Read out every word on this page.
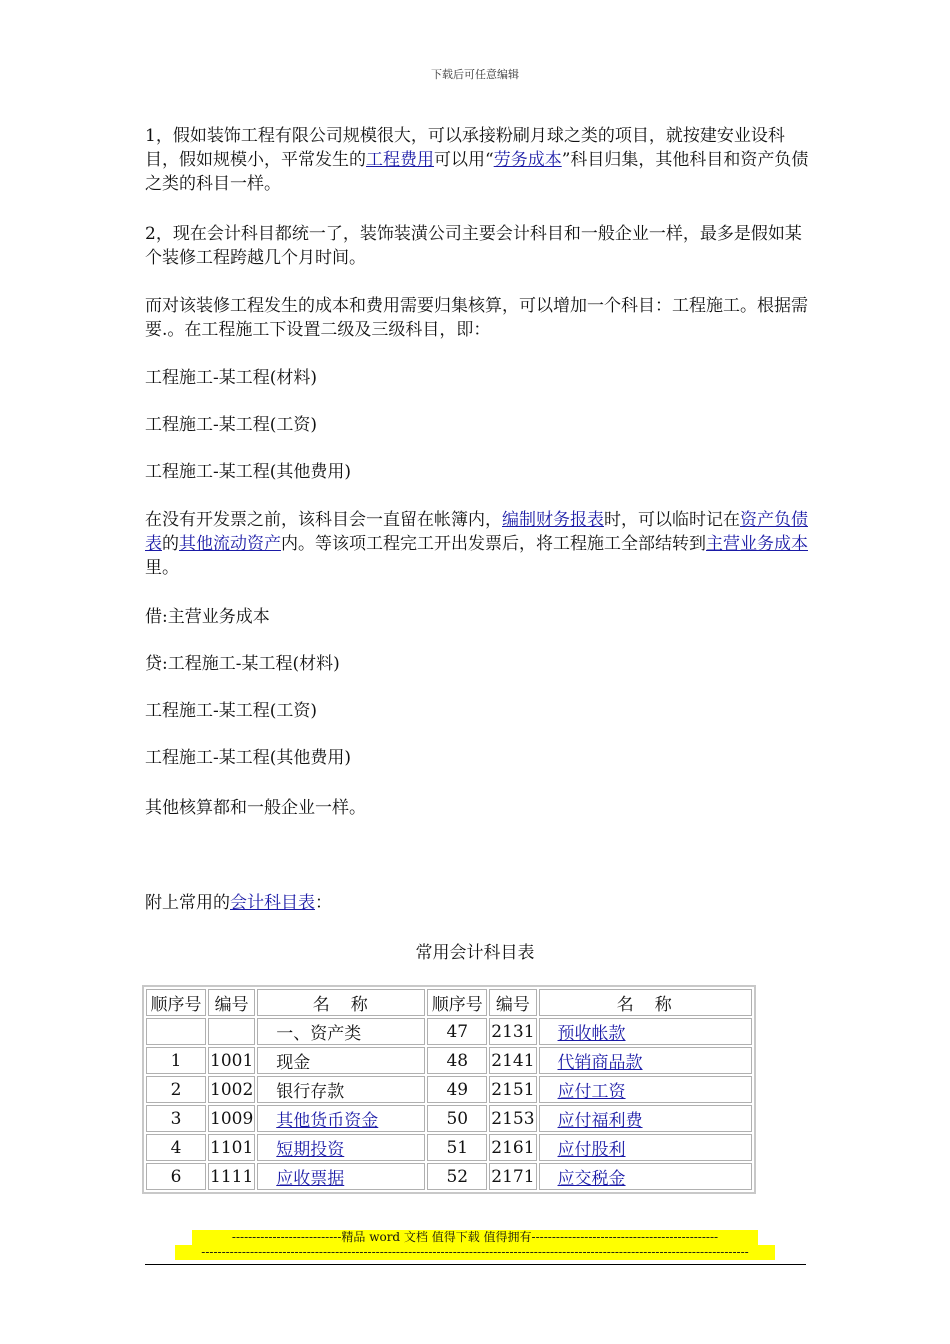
下载后可任意编辑

1，假如装饰工程有限公司规模很大，可以承接粉刷月球之类的项目，就按建安业设科目，假如规模小，平常发生的工程费用可以用“劳务成本”科目归集，其他科目和资产负债之类的科目一样。

2，现在会计科目都统一了，装饰装潢公司主要会计科目和一般企业一样，最多是假如某个装修工程跨越几个月时间。

而对该装修工程发生的成本和费用需要归集核算，可以增加一个科目：工程施工。根据需要.。在工程施工下设置二级及三级科目，即：

工程施工-某工程(材料)

工程施工-某工程(工资)

工程施工-某工程(其他费用)

在没有开发票之前，该科目会一直留在帐簿内，编制财务报表时，可以临时记在资产负债表的其他流动资产内。等该项工程完工开出发票后，将工程施工全部结转到主营业务成本里。

借:主营业务成本

贷:工程施工-某工程(材料)

工程施工-某工程(工资)

工程施工-某工程(其他费用)

其他核算都和一般企业一样。

附上常用的会计科目表：

常用会计科目表
顺序号	编号	名　称	顺序号	编号	名　称
		一、资产类	47	2131	预收帐款
1	1001	现金	48	2141	代销商品款
2	1002	银行存款	49	2151	应付工资
3	1009	其他货币资金	50	2153	应付福利费
4	1101	短期投资	51	2161	应付股利
6	1111	应收票据	52	2171	应交税金
---------------------------精品 word 文档 值得下载 值得拥有----------------------------------------------
---------------------------------------------------------------------------------------------------------------------------------------
